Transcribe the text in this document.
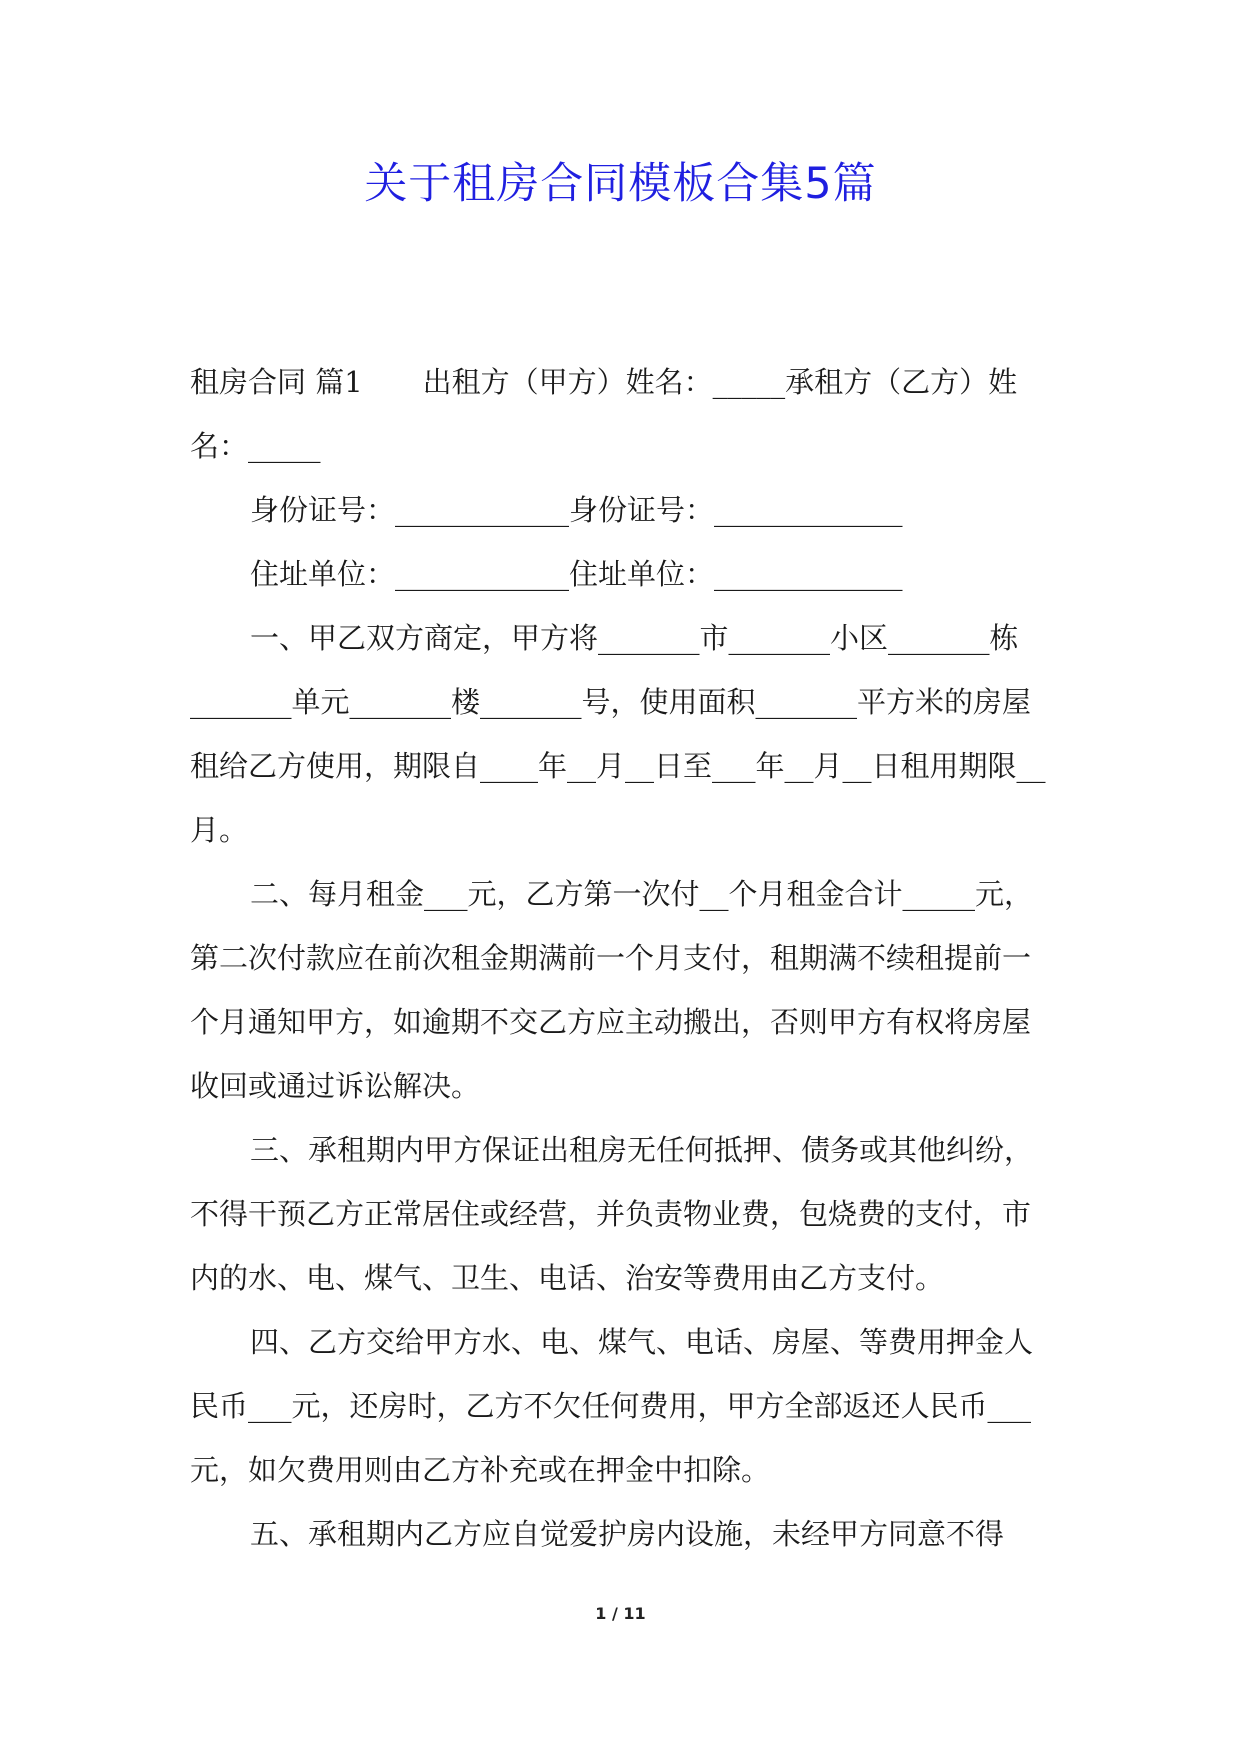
关于租房合同模板合集5篇

租房合同 篇1 出租方（甲方）姓名：_____承租方（乙方）姓名：_____

身份证号：____________身份证号：_____________

住址单位：____________住址单位：_____________

一、甲乙双方商定，甲方将_______市_______小区_______栋_______单元_______楼_______号，使用面积_______平方米的房屋租给乙方使用，期限自____年__月__日至___年__月__日租用期限__月。

二、每月租金___元，乙方第一次付__个月租金合计_____元，第二次付款应在前次租金期满前一个月支付，租期满不续租提前一个月通知甲方，如逾期不交乙方应主动搬出，否则甲方有权将房屋收回或通过诉讼解决。

三、承租期内甲方保证出租房无任何抵押、债务或其他纠纷，不得干预乙方正常居住或经营，并负责物业费，包烧费的支付，市内的水、电、煤气、卫生、电话、治安等费用由乙方支付。

四、乙方交给甲方水、电、煤气、电话、房屋、等费用押金人民币___元，还房时，乙方不欠任何费用，甲方全部返还人民币___元，如欠费用则由乙方补充或在押金中扣除。

五、承租期内乙方应自觉爱护房内设施，未经甲方同意不得

1 / 11
